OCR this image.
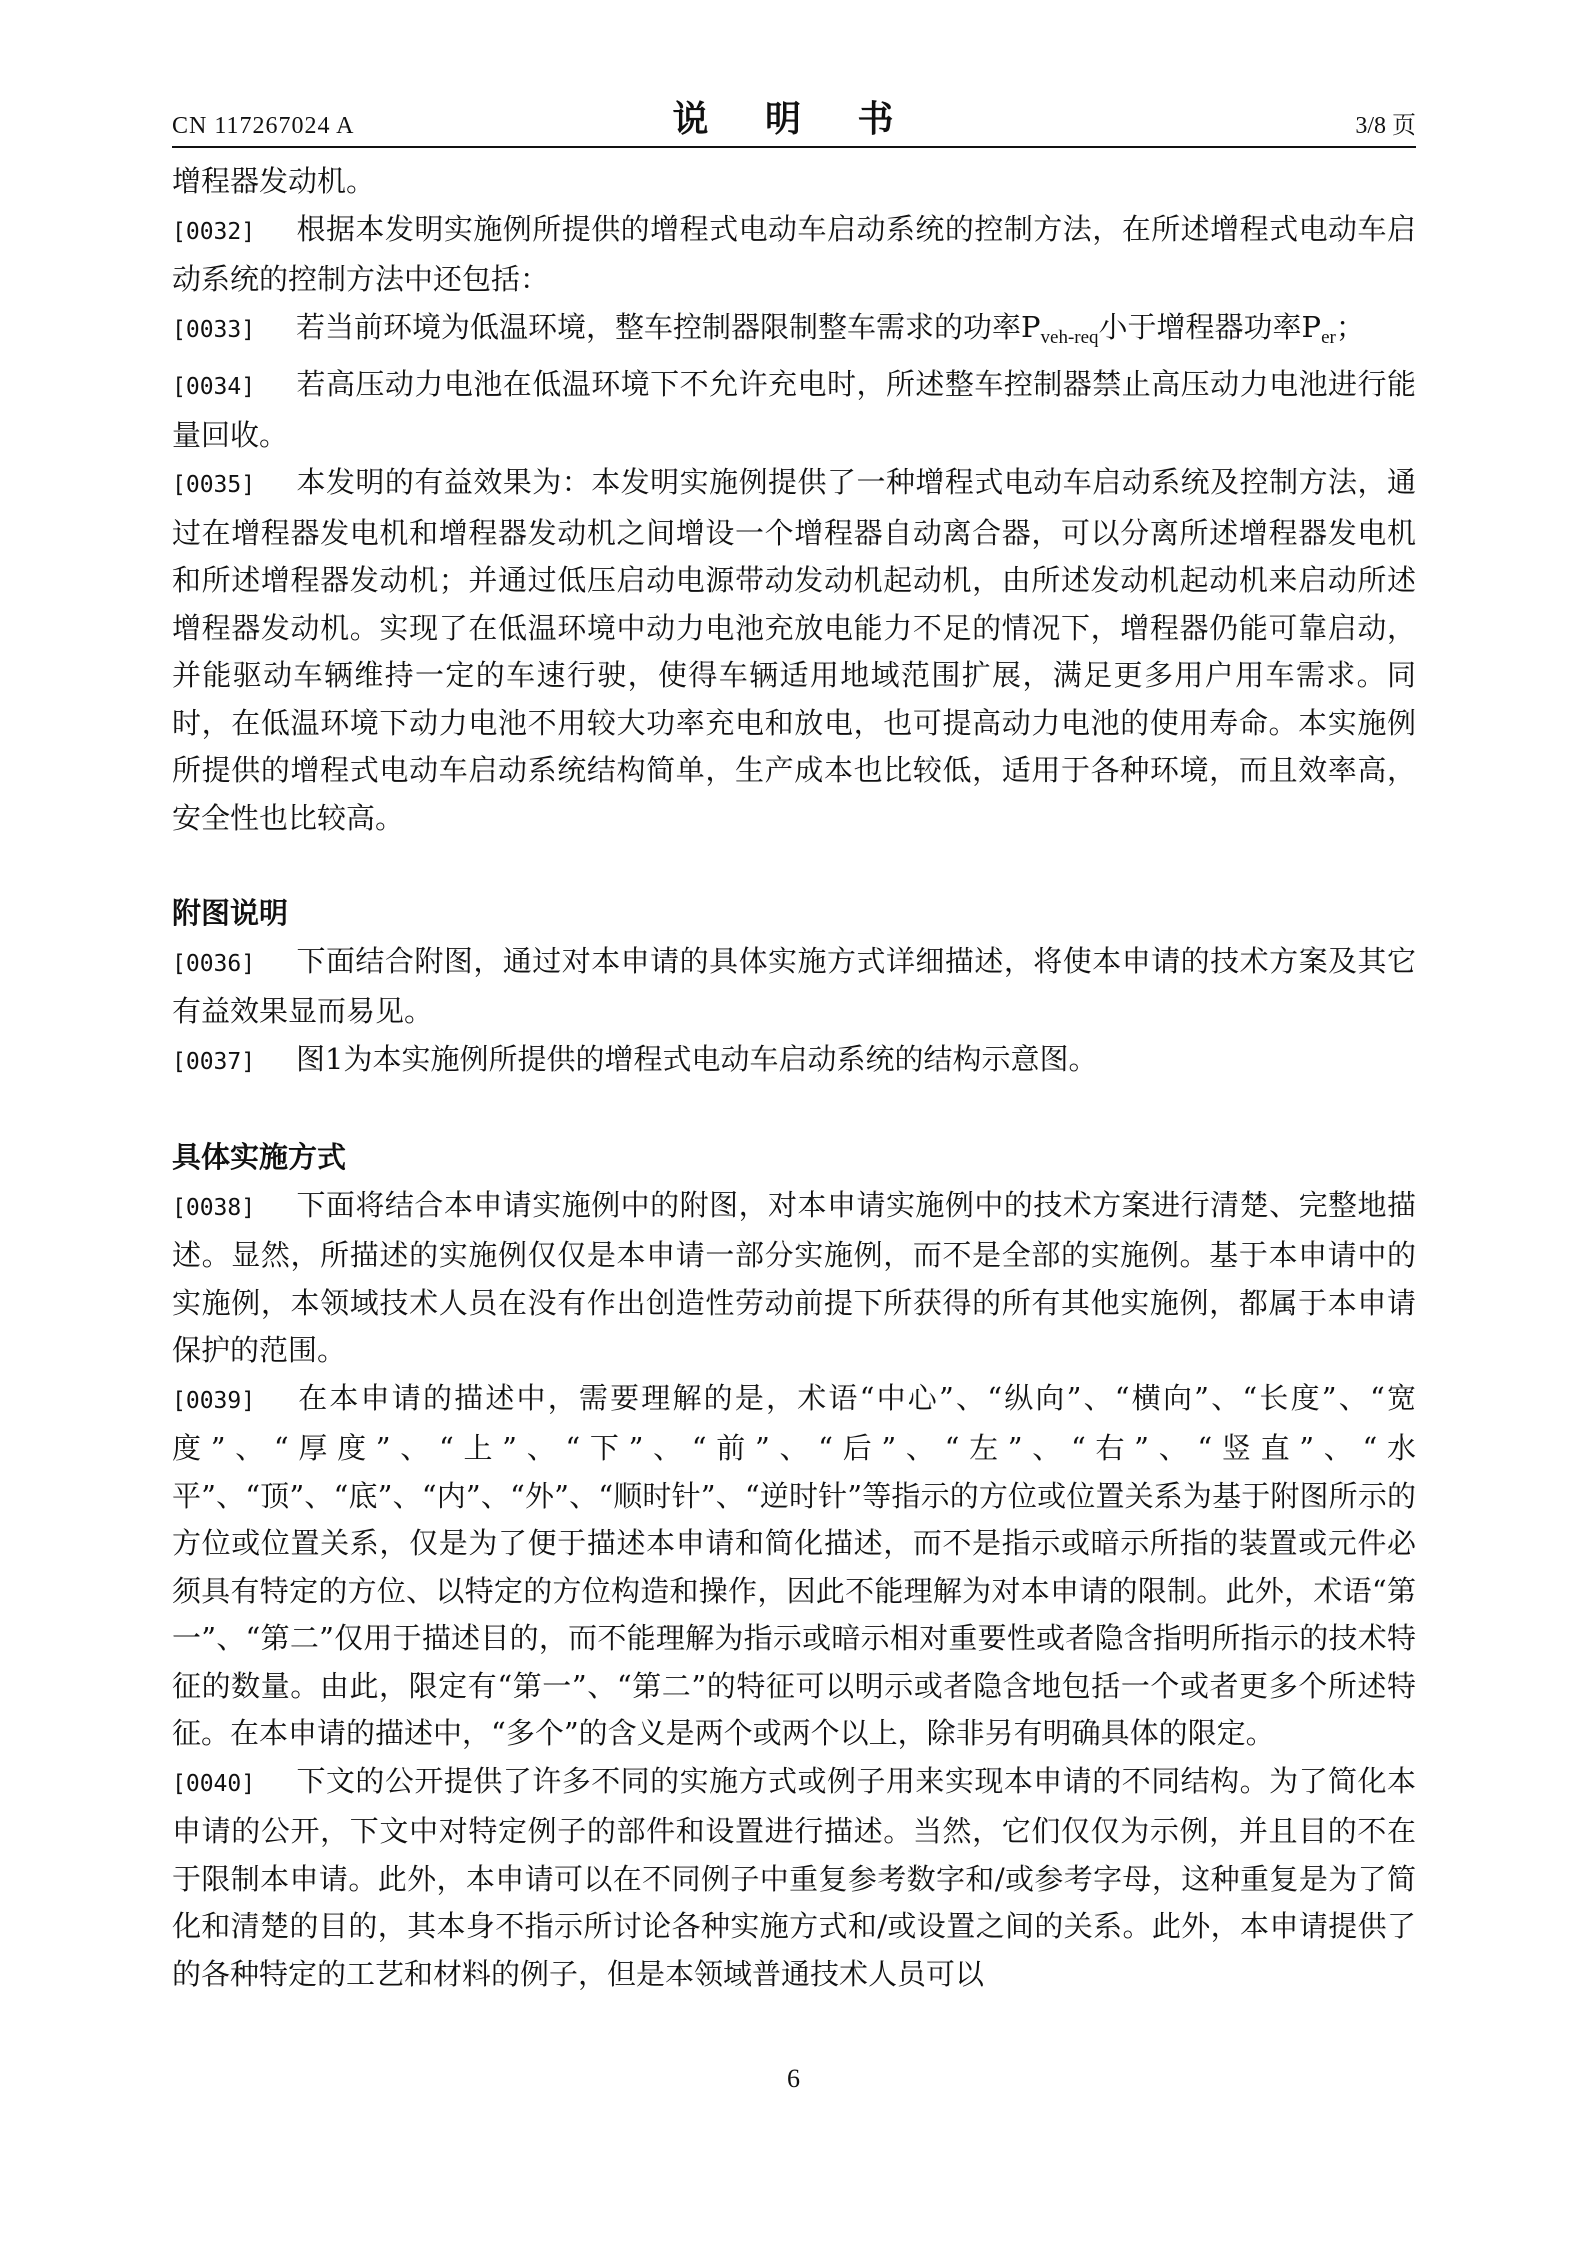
CN 117267024 A	说 明 书	3/8 页

增程器发动机。

[0032] 根据本发明实施例所提供的增程式电动车启动系统的控制方法，在所述增程式电动车启动系统的控制方法中还包括：

[0033] 若当前环境为低温环境，整车控制器限制整车需求的功率$P_{veh-req}$小于增程器功率$P_{er}$；

[0034] 若高压动力电池在低温环境下不允许充电时，所述整车控制器禁止高压动力电池进行能量回收。

[0035] 本发明的有益效果为：本发明实施例提供了一种增程式电动车启动系统及控制方法，通过在增程器发电机和增程器发动机之间增设一个增程器自动离合器，可以分离所述增程器发电机和所述增程器发动机；并通过低压启动电源带动发动机起动机，由所述发动机起动机来启动所述增程器发动机。实现了在低温环境中动力电池充放电能力不足的情况下，增程器仍能可靠启动，并能驱动车辆维持一定的车速行驶，使得车辆适用地域范围扩展，满足更多用户用车需求。同时，在低温环境下动力电池不用较大功率充电和放电，也可提高动力电池的使用寿命。本实施例所提供的增程式电动车启动系统结构简单，生产成本也比较低，适用于各种环境，而且效率高，安全性也比较高。

附图说明

[0036] 下面结合附图，通过对本申请的具体实施方式详细描述，将使本申请的技术方案及其它有益效果显而易见。

[0037] 图1为本实施例所提供的增程式电动车启动系统的结构示意图。

具体实施方式

[0038] 下面将结合本申请实施例中的附图，对本申请实施例中的技术方案进行清楚、完整地描述。显然，所描述的实施例仅仅是本申请一部分实施例，而不是全部的实施例。基于本申请中的实施例，本领域技术人员在没有作出创造性劳动前提下所获得的所有其他实施例，都属于本申请保护的范围。

[0039] 在本申请的描述中，需要理解的是，术语“中心”、“纵向”、“横向”、“长度”、“宽度”、“厚度”、“上”、“下”、“前”、“后”、“左”、“右”、“竖直”、“水平”、“顶”、“底”、“内”、“外”、“顺时针”、“逆时针”等指示的方位或位置关系为基于附图所示的方位或位置关系，仅是为了便于描述本申请和简化描述，而不是指示或暗示所指的装置或元件必须具有特定的方位、以特定的方位构造和操作，因此不能理解为对本申请的限制。此外，术语“第一”、“第二”仅用于描述目的，而不能理解为指示或暗示相对重要性或者隐含指明所指示的技术特征的数量。由此，限定有“第一”、“第二”的特征可以明示或者隐含地包括一个或者更多个所述特征。在本申请的描述中，“多个”的含义是两个或两个以上，除非另有明确具体的限定。

[0040] 下文的公开提供了许多不同的实施方式或例子用来实现本申请的不同结构。为了简化本申请的公开，下文中对特定例子的部件和设置进行描述。当然，它们仅仅为示例，并且目的不在于限制本申请。此外，本申请可以在不同例子中重复参考数字和/或参考字母，这种重复是为了简化和清楚的目的，其本身不指示所讨论各种实施方式和/或设置之间的关系。此外，本申请提供了的各种特定的工艺和材料的例子，但是本领域普通技术人员可以

6
